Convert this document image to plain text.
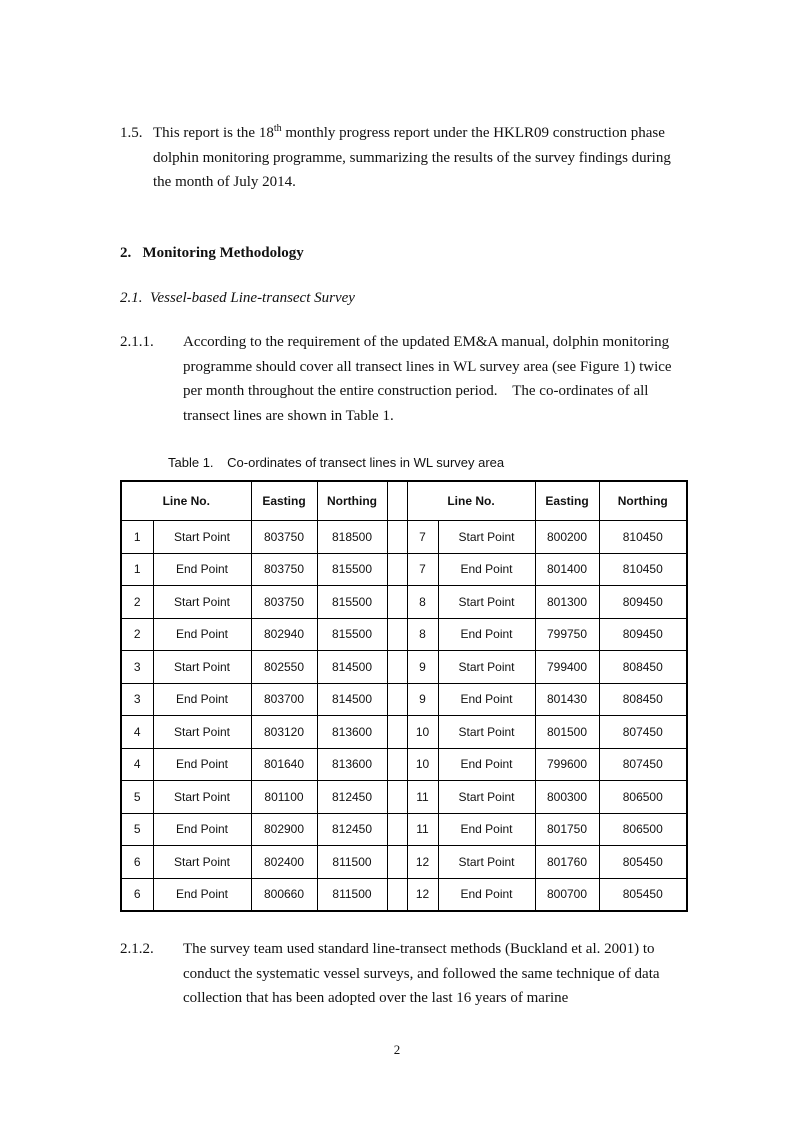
1.5. This report is the 18th monthly progress report under the HKLR09 construction phase dolphin monitoring programme, summarizing the results of the survey findings during the month of July 2014.
2.   Monitoring Methodology
2.1.  Vessel-based Line-transect Survey
2.1.1. According to the requirement of the updated EM&A manual, dolphin monitoring programme should cover all transect lines in WL survey area (see Figure 1) twice per month throughout the entire construction period.    The co-ordinates of all transect lines are shown in Table 1.
Table 1. Co-ordinates of transect lines in WL survey area
Line No.		Easting	Northing		Line No.		Easting	Northing
1	Start Point	803750	818500		7	Start Point	800200	810450
1	End Point	803750	815500		7	End Point	801400	810450
2	Start Point	803750	815500		8	Start Point	801300	809450
2	End Point	802940	815500		8	End Point	799750	809450
3	Start Point	802550	814500		9	Start Point	799400	808450
3	End Point	803700	814500		9	End Point	801430	808450
4	Start Point	803120	813600		10	Start Point	801500	807450
4	End Point	801640	813600		10	End Point	799600	807450
5	Start Point	801100	812450		11	Start Point	800300	806500
5	End Point	802900	812450		11	End Point	801750	806500
6	Start Point	802400	811500		12	Start Point	801760	805450
6	End Point	800660	811500		12	End Point	800700	805450
2.1.2. The survey team used standard line-transect methods (Buckland et al. 2001) to conduct the systematic vessel surveys, and followed the same technique of data collection that has been adopted over the last 16 years of marine
2
